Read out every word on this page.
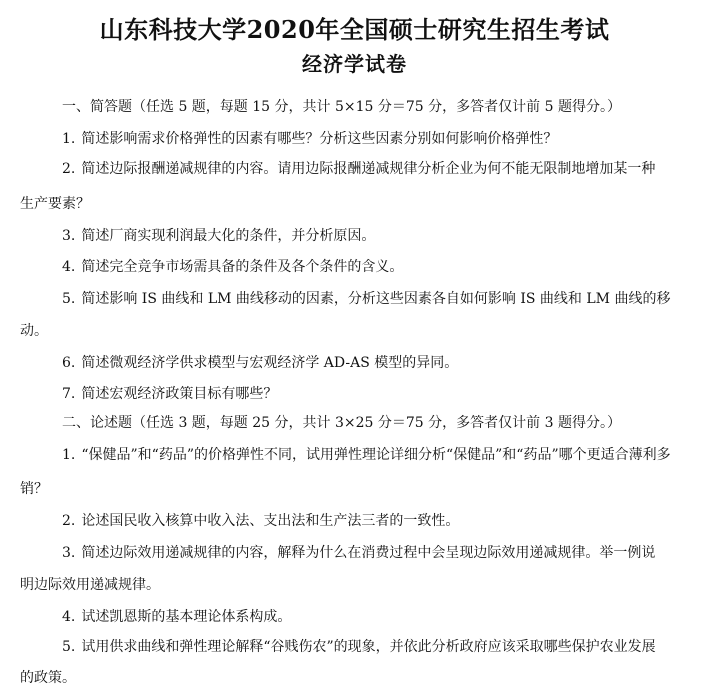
山东科技大学2020年全国硕士研究生招生考试
经济学试卷
一、简答题（任选 5 题，每题 15 分，共计 5×15 分＝75 分，多答者仅计前 5 题得分。）
1. 简述影响需求价格弹性的因素有哪些？分析这些因素分别如何影响价格弹性？
2. 简述边际报酬递减规律的内容。请用边际报酬递减规律分析企业为何不能无限制地增加某一种
生产要素？
3. 简述厂商实现利润最大化的条件，并分析原因。
4. 简述完全竞争市场需具备的条件及各个条件的含义。
5. 简述影响 IS 曲线和 LM 曲线移动的因素，分析这些因素各自如何影响 IS 曲线和 LM 曲线的移
动。
6. 简述微观经济学供求模型与宏观经济学 AD-AS 模型的异同。
7. 简述宏观经济政策目标有哪些？
二、论述题（任选 3 题，每题 25 分，共计 3×25 分＝75 分，多答者仅计前 3 题得分。）
1. “保健品”和“药品”的价格弹性不同，试用弹性理论详细分析“保健品”和“药品”哪个更适合薄利多
销？
2. 论述国民收入核算中收入法、支出法和生产法三者的一致性。
3. 简述边际效用递减规律的内容，解释为什么在消费过程中会呈现边际效用递减规律。举一例说
明边际效用递减规律。
4. 试述凯恩斯的基本理论体系构成。
5. 试用供求曲线和弹性理论解释“谷贱伤农”的现象，并依此分析政府应该采取哪些保护农业发展
的政策。
